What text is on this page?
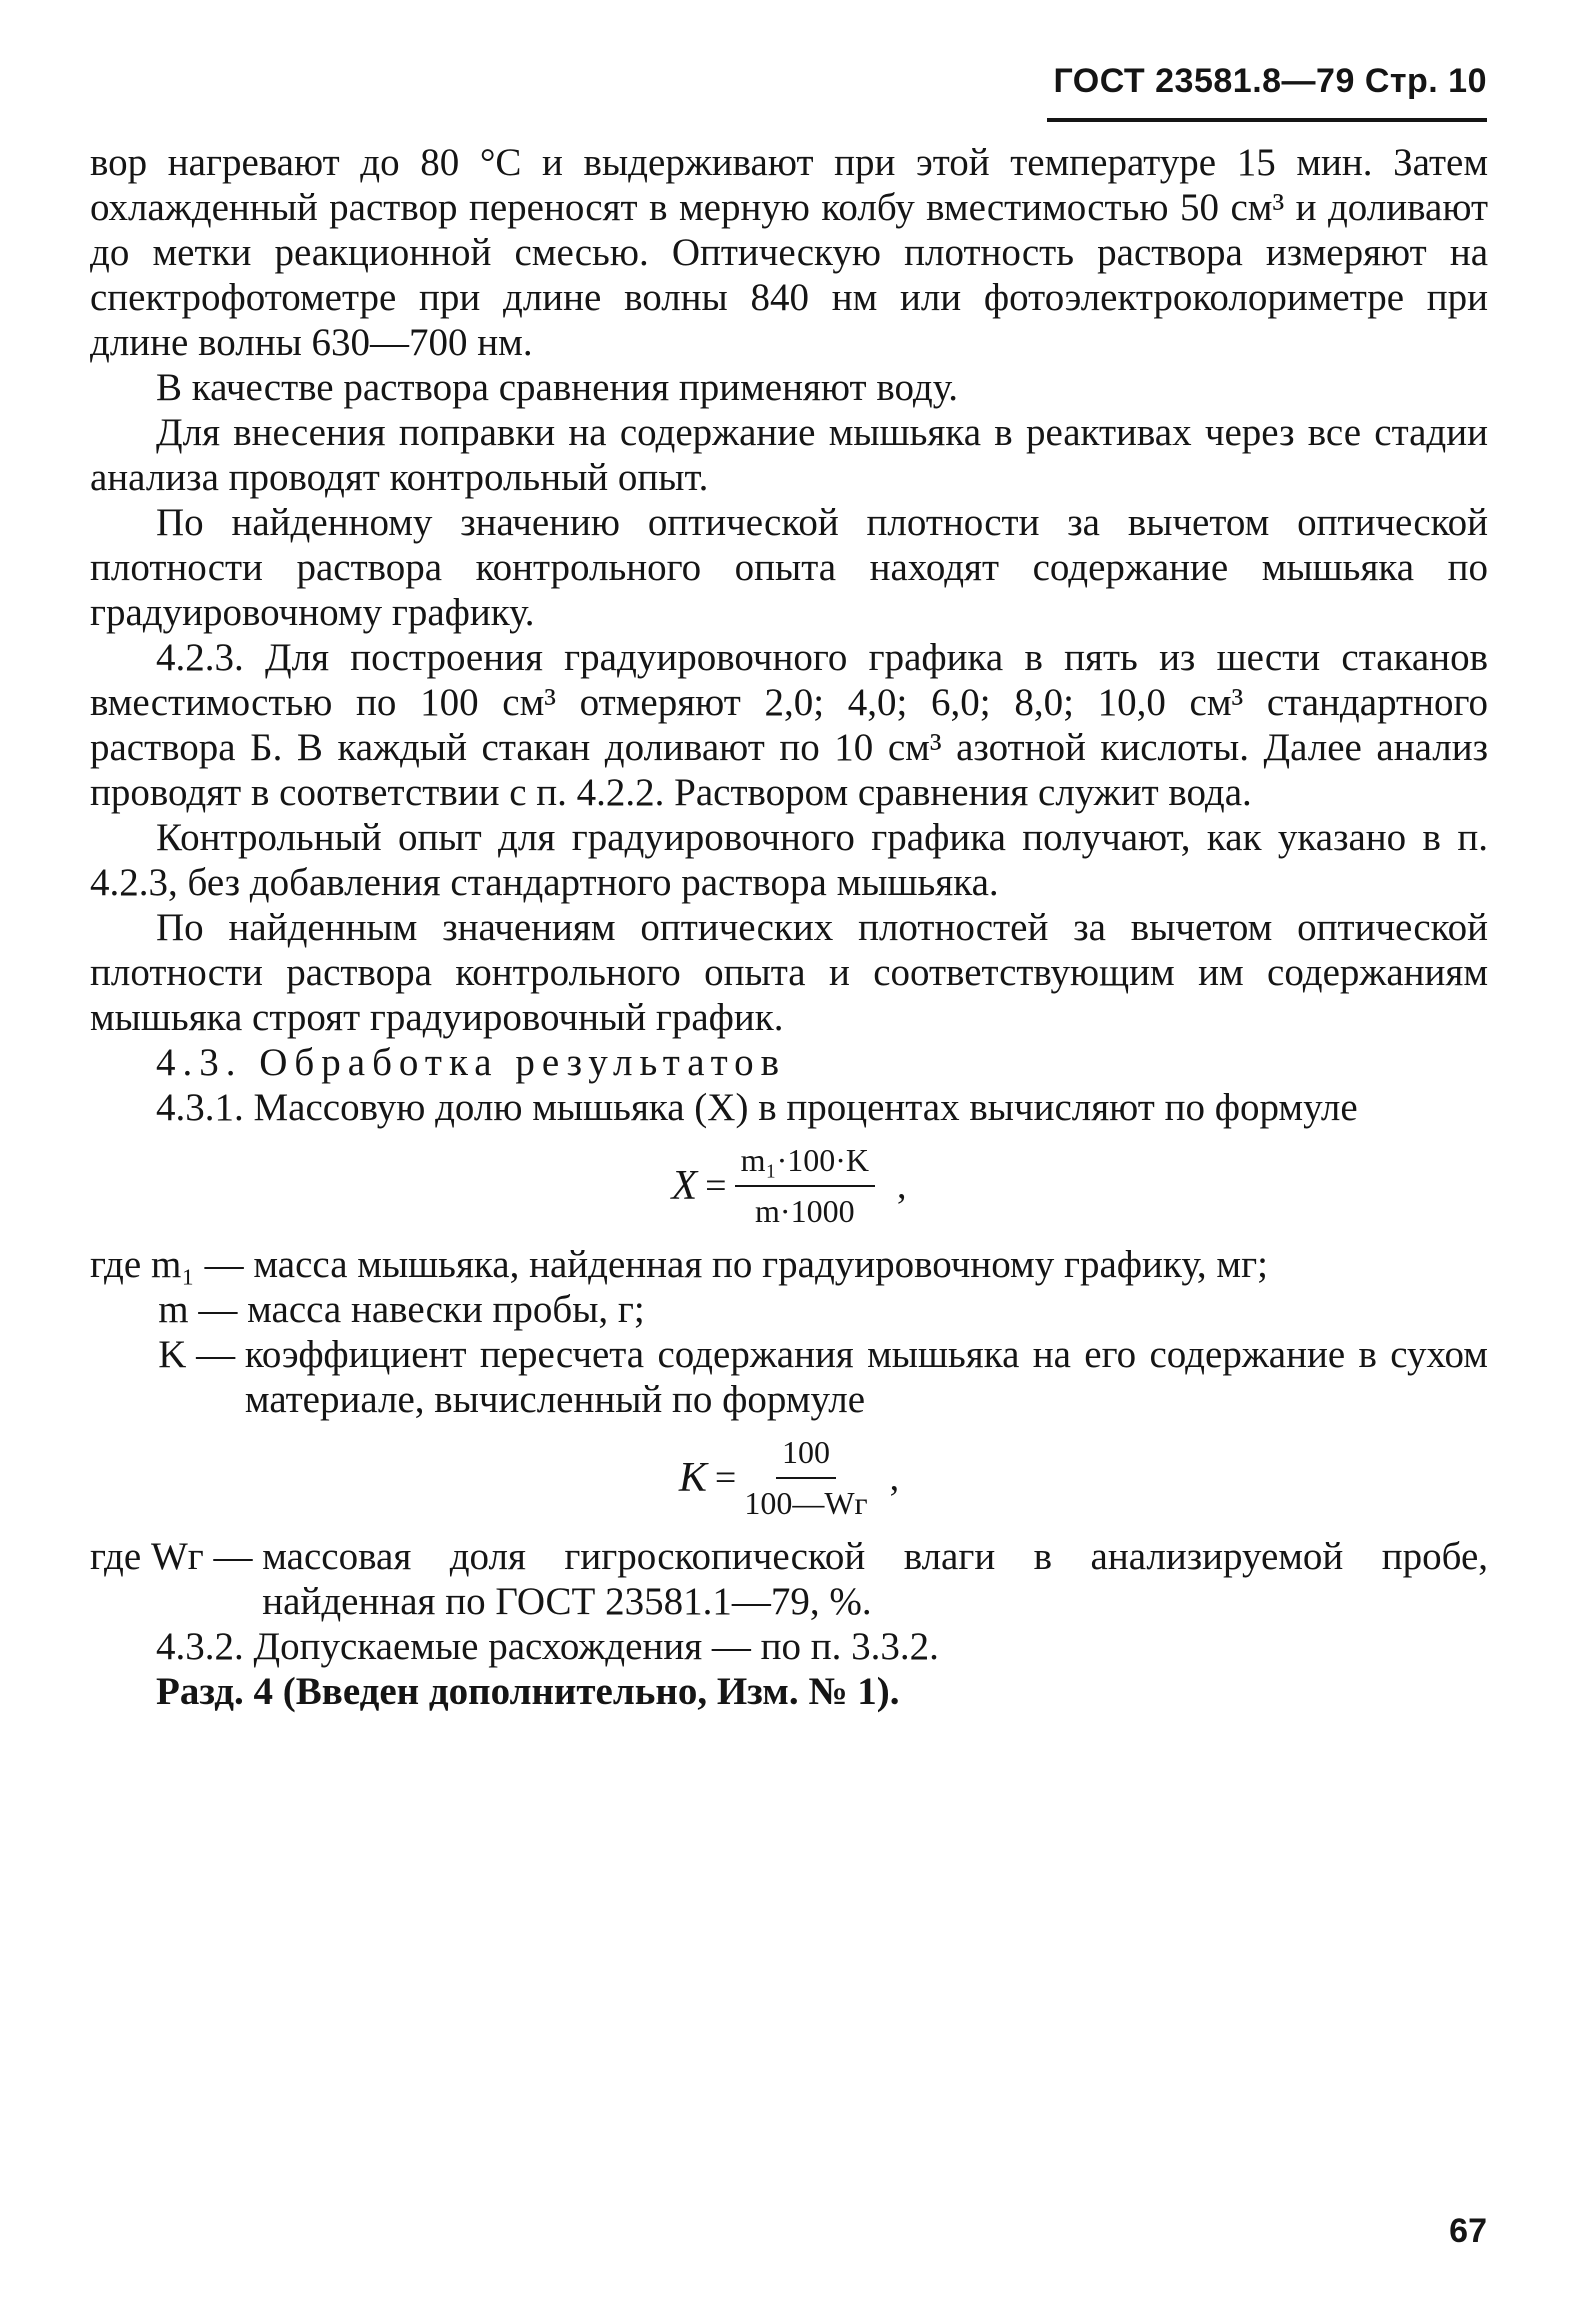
ГОСТ 23581.8—79 Стр. 10

вор нагревают до 80 °С и выдерживают при этой температуре 15 мин. Затем охлажденный раствор переносят в мерную колбу вместимостью 50 см³ и доливают до метки реакционной смесью. Оптическую плотность раствора измеряют на спектрофотометре при длине волны 840 нм или фотоэлектроколориметре при длине волны 630—700 нм.

В качестве раствора сравнения применяют воду.

Для внесения поправки на содержание мышьяка в реактивах через все стадии анализа проводят контрольный опыт.

По найденному значению оптической плотности за вычетом оптической плотности раствора контрольного опыта находят содержание мышьяка по градуировочному графику.

4.2.3. Для построения градуировочного графика в пять из шести стаканов вместимостью по 100 см³ отмеряют 2,0; 4,0; 6,0; 8,0; 10,0 см³ стандартного раствора Б. В каждый стакан доливают по 10 см³ азотной кислоты. Далее анализ проводят в соответствии с п. 4.2.2. Раствором сравнения служит вода.

Контрольный опыт для градуировочного графика получают, как указано в п. 4.2.3, без добавления стандартного раствора мышьяка.

По найденным значениям оптических плотностей за вычетом оптической плотности раствора контрольного опыта и соответствующим им содержаниям мышьяка строят градуировочный график.

4.3. Обработка результатов

4.3.1. Массовую долю мышьяка (X) в процентах вычисляют по формуле

$X = \frac{\text{m₁·100·K}}{m\cdot 1000}$ ,
где m₁ — масса мышьяка, найденная по градуировочному графику, мг;
m — масса навески пробы, г;
K — коэффициент пересчета содержания мышьяка на его содержание в сухом материале, вычисленный по формуле
$K = \frac{100}{100—Wг}$ ,
где Wг — массовая доля гигроскопической влаги в анализируемой пробе, найденная по ГОСТ 23581.1—79, %.

4.3.2. Допускаемые расхождения — по п. 3.3.2.

Разд. 4 (Введен дополнительно, Изм. № 1).

67
